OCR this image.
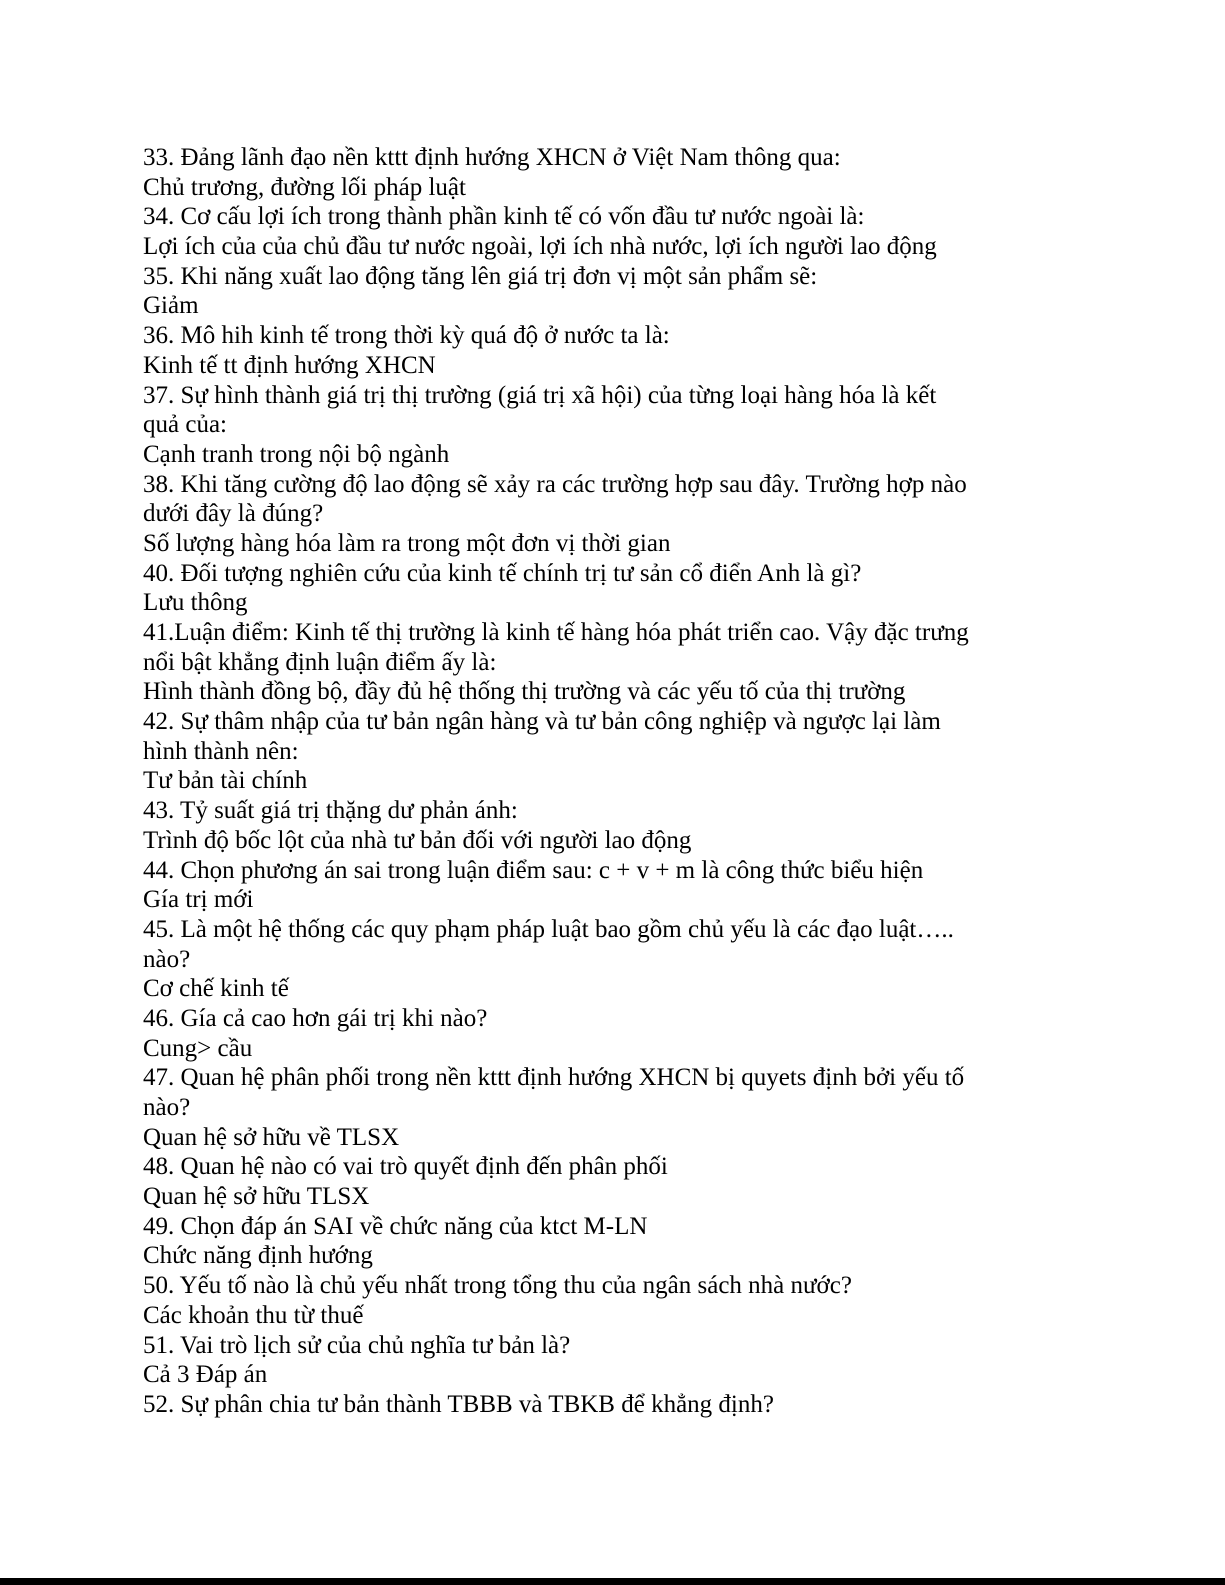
33. Đảng lãnh đạo nền kttt định hướng XHCN ở Việt Nam thông qua:
Chủ trương, đường lối pháp luật
34. Cơ cấu lợi ích trong thành phần kinh tế có vốn đầu tư nước ngoài là:
Lợi ích của của chủ đầu tư nước ngoài, lợi ích nhà nước, lợi ích người lao động
35. Khi năng xuất lao động tăng lên giá trị đơn vị một sản phẩm sẽ:
Giảm
36. Mô hih kinh tế trong thời kỳ quá độ ở nước ta là:
Kinh tế tt định hướng XHCN
37. Sự hình thành giá trị thị trường (giá trị xã hội) của từng loại hàng hóa là kết
quả của:
Cạnh tranh trong nội bộ ngành
38. Khi tăng cường độ lao động sẽ xảy ra các trường hợp sau đây. Trường hợp nào
dưới đây là đúng?
Số lượng hàng hóa làm ra trong một đơn vị thời gian
40. Đối tượng nghiên cứu của kinh tế chính trị tư sản cổ điển Anh là gì?
Lưu thông
41.Luận điểm: Kinh tế thị trường là kinh tế hàng hóa phát triển cao. Vậy đặc trưng
nổi bật khẳng định luận điểm ấy là:
Hình thành đồng bộ, đầy đủ hệ thống thị trường và các yếu tố của thị trường
42. Sự thâm nhập của tư bản ngân hàng và tư bản công nghiệp và ngược lại làm
hình thành nên:
Tư bản tài chính
43. Tỷ suất giá trị thặng dư phản ánh:
Trình độ bốc lột của nhà tư bản đối với người lao động
44. Chọn phương án sai trong luận điểm sau: c + v + m là công thức biểu hiện
Gía trị mới
45. Là một hệ thống các quy phạm pháp luật bao gồm chủ yếu là các đạo luật…..
nào?
Cơ chế kinh tế
46. Gía cả cao hơn gái trị khi nào?
Cung> cầu
47. Quan hệ phân phối trong nền kttt định hướng XHCN bị quyets định bởi yếu tố
nào?
Quan hệ sở hữu về TLSX
48. Quan hệ nào có vai trò quyết định đến phân phối
Quan hệ sở hữu TLSX
49. Chọn đáp án SAI về chức năng của ktct M-LN
Chức năng định hướng
50. Yếu tố nào là chủ yếu nhất trong tổng thu của ngân sách nhà nước?
Các khoản thu từ thuế
51. Vai trò lịch sử của chủ nghĩa tư bản là?
Cả 3 Đáp án
52. Sự phân chia tư bản thành TBBB và TBKB để khẳng định?
